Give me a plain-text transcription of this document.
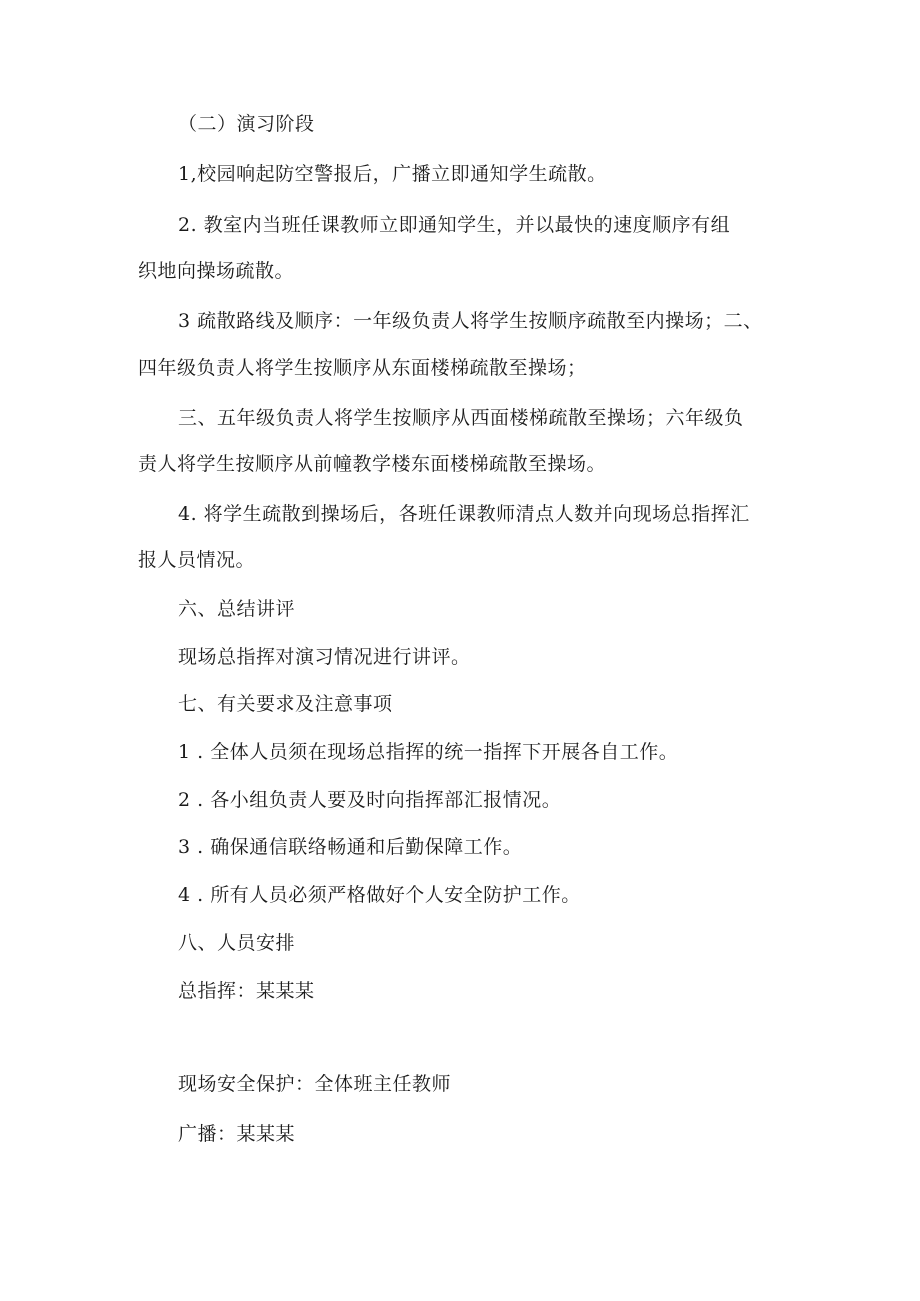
（二）演习阶段
1,校园响起防空警报后，广播立即通知学生疏散。
2. 教室内当班任课教师立即通知学生，并以最快的速度顺序有组
织地向操场疏散。
3 疏散路线及顺序：一年级负责人将学生按顺序疏散至内操场；二、
四年级负责人将学生按顺序从东面楼梯疏散至操场；
三、五年级负责人将学生按顺序从西面楼梯疏散至操场；六年级负
责人将学生按顺序从前幢教学楼东面楼梯疏散至操场。
4. 将学生疏散到操场后，各班任课教师清点人数并向现场总指挥汇
报人员情况。
六、总结讲评
现场总指挥对演习情况进行讲评。
七、有关要求及注意事项
1 . 全体人员须在现场总指挥的统一指挥下开展各自工作。
2 . 各小组负责人要及时向指挥部汇报情况。
3 . 确保通信联络畅通和后勤保障工作。
4 . 所有人员必须严格做好个人安全防护工作。
八、人员安排
总指挥：某某某
现场安全保护：全体班主任教师
广播：某某某
